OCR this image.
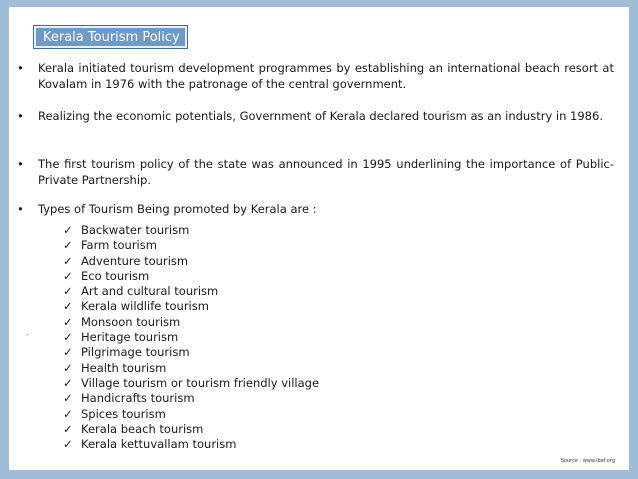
Kerala Tourism Policy
• Kerala initiated tourism development programmes by establishing an international beach resort at Kovalam in 1976 with the patronage of the central government.
• Realizing the economic potentials, Government of Kerala declared tourism as an industry in 1986.
• The first tourism policy of the state was announced in 1995 underlining the importance of Public-Private Partnership.
• Types of Tourism Being promoted by Kerala are :
✓ Backwater tourism
✓ Farm tourism
✓ Adventure tourism
✓ Eco tourism
✓ Art and cultural tourism
✓ Kerala wildlife tourism
✓ Monsoon tourism
✓ Heritage tourism
✓ Pilgrimage tourism
✓ Health tourism
✓ Village tourism or tourism friendly village
✓ Handicrafts tourism
✓ Spices tourism
✓ Kerala beach tourism
✓ Kerala kettuvallam tourism
-
Source : www.ibef.org
